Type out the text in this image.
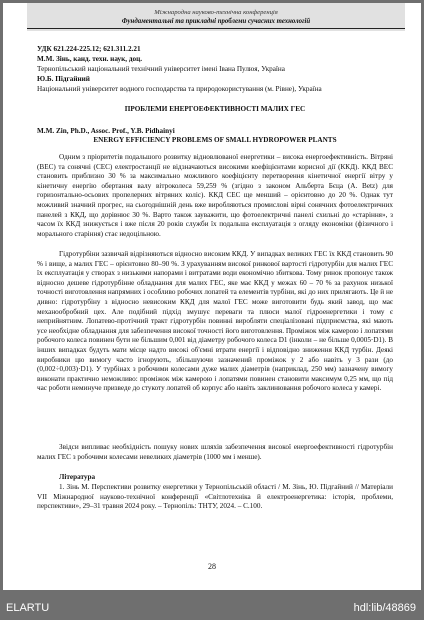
Міжнародна науково-технічна конференція
Фундаментальні та прикладні проблеми сучасних технологій
УДК 621.224-225.12; 621.311.2.21
М.М. Зінь, канд. техн. наук, доц.
Тернопільський національний технічний університет імені Івана Пулюя, Україна
Ю.Б. Підгайний
Національний університет водного господарства та природокористування (м. Рівне), Україна
ПРОБЛЕМИ ЕНЕРГОЕФЕКТИВНОСТІ МАЛИХ ГЕС
M.M. Zin, Ph.D., Assoc. Prof., Y.B. Pidhainyi
ENERGY EFFICIENCY PROBLEMS OF SMALL HYDROPOWER PLANTS
Одним з пріоритетів подальшого розвитку відновлюваної енергетики – висока енергоефективність. Вітряні (ВЕС) та сонячні (СЕС) електростанції не відзначаються високими коефіцієнтами корисної дії (ККД). ККД ВЕС становить приблизно 30 % за максимально можливого коефіцієнту перетворення кінетичної енергії вітру у кінетичну енергію обертання валу вітроколеса 59,259 % (згідно з законом Альберта Бєца (A. Betz) для горизонтально-осьових пропелерних вітряних коліс). ККД СЕС ще менший – орієнтовно до 20 %. Однак тут можливий значний прогрес, на сьогоднішній день вже виробляються промислові вірні сонячних фотоелектричних панелей з ККД, що дорівнює 30 %. Варто також зауважити, що фотоелектричні панелі схильні до «старіння», з часом їх ККД знижується і вже після 20 років служби їх подальша експлуатація з огляду економіки (фізичного і морального старіння) стає недоцільною.
Гідротурбіни зазвичай відрізняються відносно високим ККД. У випадках великих ГЕС їх ККД становить 90 % і вище, а малих ГЕС – орієнтовно 80–90 %. З урахуванням високої ринкової вартості гідротурбін для малих ГЕС їх експлуатація у створах з низькими напорами і витратами води економічно збиткова. Тому ринок пропонує також відносно дешеве гідротурбінне обладнання для малих ГЕС, яке має ККД у межах 60 – 70 % за рахунок низької точності виготовлення напрямних і особливо робочих лопатей та елементів турбіни, які до них прилягають. Це й не дивно: гідротурбіну з відносно невисоким ККД для малої ГЕС може виготовити будь який завод, що має механообробний цех. Але подібний підхід змушує переваги та плюси малої гідроенергетики і тому є неприйнятним. Лопатево-протічний тракт гідротурбін повинні виробляти спеціалізовані підприємства, які мають усе необхідне обладнання для забезпечення високої точності його виготовлення. Проміжок між камерою і лопатями робочого колеса повинен бути не більшим 0,001 від діаметру робочого колеса D1 (інколи – не більше 0,0005·D1). В інших випадках будуть мати місце надто високі об'ємні втрати енергії і відповідно зниження ККД турбін. Деякі виробники цю вимогу часто ігнорують, збільшуючи зазначений проміжок у 2 або навіть у 3 рази (до (0,002÷0,003)·D1). У турбінах з робочими колесами дуже малих діаметрів (наприклад, 250 мм) зазначену вимогу виконати практично неможливо: проміжок між камерою і лопатями повинен становити максимум 0,25 мм, що під час роботи неминуче призведе до стукоту лопатей об корпус або навіть заклинювання робочого колеса у камері.
Звідси випливає необхідність пошуку нових шляхів забезпечення високої енергоефективності гідротурбін малих ГЕС з робочими колесами невеликих діаметрів (1000 мм і менше).
Література
1. Зінь М. Перспективи розвитку енергетики у Тернопільській області / М. Зінь, Ю. Підгайний // Матеріали VII Міжнародної науково-технічної конференції «Світлотехніка й електроенергетика: історія, проблеми, перспективи», 29–31 травня 2024 року. – Тернопіль: ТНТУ, 2024. – С.100.
28
ELARTU	hdl:lib/48869
